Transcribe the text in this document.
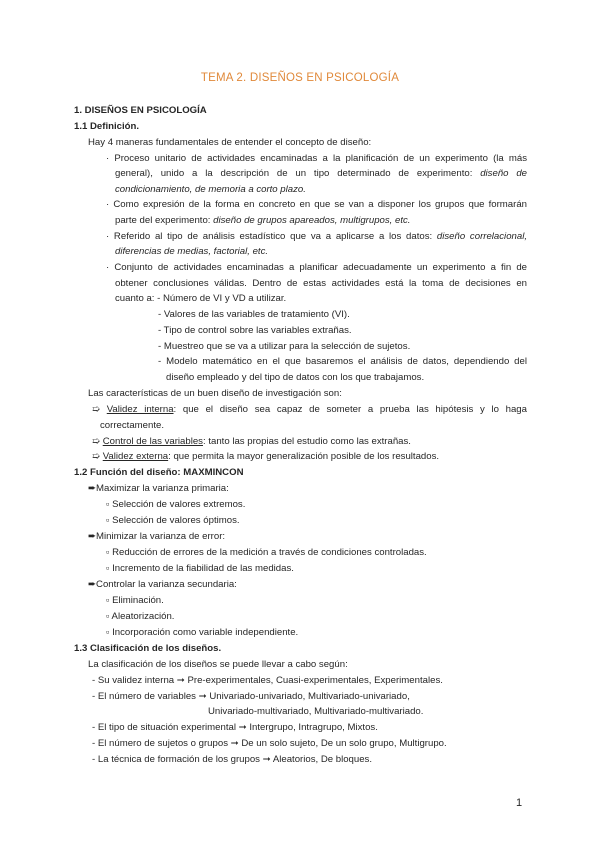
TEMA 2. DISEÑOS EN PSICOLOGÍA
1. DISEÑOS EN PSICOLOGÍA
1.1 Definición.
Hay 4 maneras fundamentales de entender el concepto de diseño:
· Proceso unitario de actividades encaminadas a la planificación de un experimento (la más
general), unido a la descripción de un tipo determinado de experimento: diseño de
condicionamiento, de memoria a corto plazo.
· Como expresión de la forma en concreto en que se van a disponer los grupos que formarán
parte del experimento: diseño de grupos apareados, multigrupos, etc.
· Referido al tipo de análisis estadístico que va a aplicarse a los datos: diseño correlacional,
diferencias de medias, factorial, etc.
· Conjunto de actividades encaminadas a planificar adecuadamente un experimento a fin de
obtener conclusiones válidas. Dentro de estas actividades está la toma de decisiones en
cuanto a: - Número de VI y VD a utilizar.
- Valores de las variables de tratamiento (VI).
- Tipo de control sobre las variables extrañas.
- Muestreo que se va a utilizar para la selección de sujetos.
- Modelo matemático en el que basaremos el análisis de datos, dependiendo del
diseño empleado y del tipo de datos con los que trabajamos.
Las características de un buen diseño de investigación son:
➯ Validez interna: que el diseño sea capaz de someter a prueba las hipótesis y lo haga
correctamente.
➯ Control de las variables: tanto las propias del estudio como las extrañas.
➯ Validez externa: que permita la mayor generalización posible de los resultados.
1.2 Función del diseño: MAXMINCON
➨Maximizar la varianza primaria:
▫ Selección de valores extremos.
▫ Selección de valores óptimos.
➨Minimizar la varianza de error:
▫ Reducción de errores de la medición a través de condiciones controladas.
▫ Incremento de la fiabilidad de las medidas.
➨Controlar la varianza secundaria:
▫ Eliminación.
▫ Aleatorización.
▫ Incorporación como variable independiente.
1.3 Clasificación de los diseños.
La clasificación de los diseños se puede llevar a cabo según:
- Su validez interna ➞ Pre-experimentales, Cuasi-experimentales, Experimentales.
- El número de variables ➞ Univariado-univariado, Multivariado-univariado,
Univariado-multivariado, Multivariado-multivariado.
- El tipo de situación experimental ➞ Intergrupo, Intragrupo, Mixtos.
- El número de sujetos o grupos ➞ De un solo sujeto, De un solo grupo, Multigrupo.
- La técnica de formación de los grupos ➞ Aleatorios, De bloques.
1
